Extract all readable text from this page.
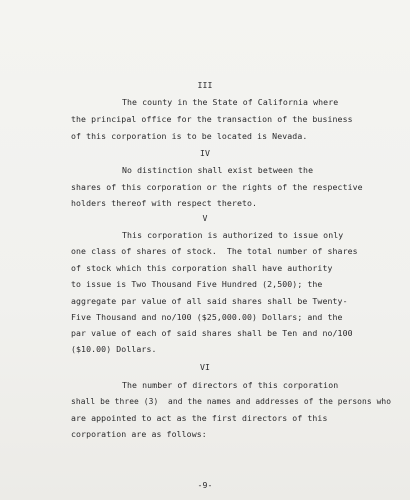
III
The county in the State of California where
the principal office for the transaction of the business
of this corporation is to be located is Nevada.
IV
No distinction shall exist between the
shares of this corporation or the rights of the respective
holders thereof with respect thereto.
V
This corporation is authorized to issue only
one class of shares of stock.  The total number of shares
of stock which this corporation shall have authority
to issue is Two Thousand Five Hundred (2,500); the
aggregate par value of all said shares shall be Twenty-
Five Thousand and no/100 ($25,000.00) Dollars; and the
par value of each of said shares shall be Ten and no/100
($10.00) Dollars.
VI
The number of directors of this corporation
shall be three (3)  and the names and addresses of the persons who
are appointed to act as the first directors of this
corporation are as follows:
-9-
